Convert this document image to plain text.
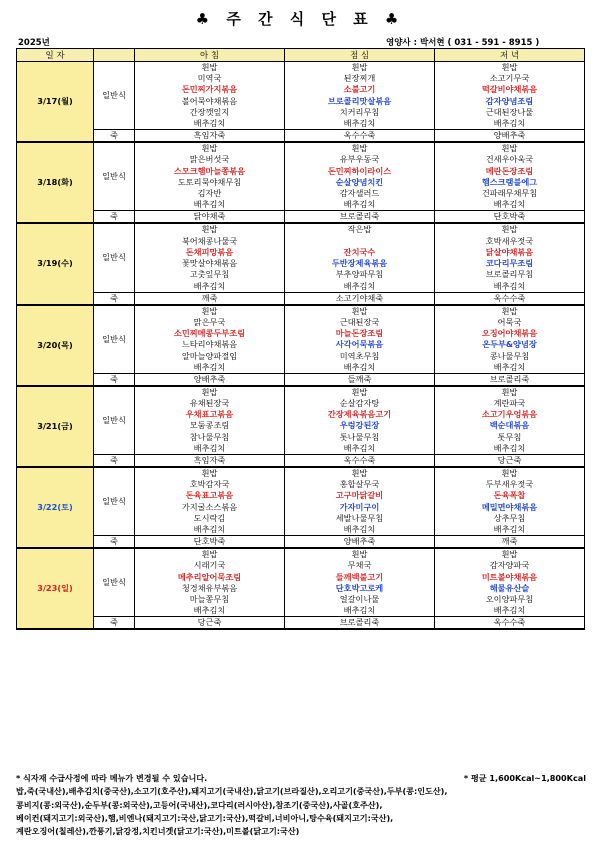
♣ 주 간 식 단 표 ♣
2025년	영양사 : 박서현 ( 031 - 591 - 8915 )
일 자		아 침	점 심	저 녁
3/17(월)	일반식	흰밥	흰밥	흰밥
		미역국	된장찌개	소고기무국
		돈민찌가지볶음	소불고기	떡갈비야채볶음
		볼어묵야채볶음	브로콜리맛살볶음	감자양념조림
		간장깻잎지	치커리무침	근대된장나물
		배추김치	배추김치	배추김치
	죽	흑임자죽	옥수수죽	양배추죽
3/18(화)	일반식	흰밥	흰밥	흰밥
		맑은버섯국	유부우동국	건새우아욱국
		스모크햄마늘쫑볶음	돈민찌하이라이스	메란돈장조림
		도토리묵야채무침	순살양념치킨	햄스크램블에그
		김자반	감자샐러드	건파래무채무침
		배추김치	배추김치	배추김치
	죽	닭야채죽	브로콜리죽	단호박죽
3/19(수)	일반식	흰밥	작은밥	흰밥
		북어채콩나물국		호박새우젓국
		돈채피망볶음	잔치국수	닭살야채볶음
		꽃맛살야채볶음	두반장제육볶음	코다리무조림
		고춧잎무침	부추양파무침	브로콜리무침
		배추김치	배추김치	배추김치
	죽	깨죽	소고기야채죽	옥수수죽
3/20(목)	일반식	흰밥	흰밥	흰밥
		맑은무국	근대된장국	어묵국
		소민찌메콩두부조림	마늘돈장조림	오징어야채볶음
		느타리야채볶음	사각어묵볶음	온두부&양념장
		알마늘양파절임	미역초무침	콩나물무침
		배추김치	배추김치	배추김치
	죽	양배추죽	들깨죽	브로콜리죽
3/21(금)	일반식	흰밥	흰밥	흰밥
		유채된장국	순살감자탕	계란파국
		우채표고볶음	간장제육볶음고기	소고기우엉볶음
		모둠콩조림	우렁강된장	백순대볶음
		참나물무침	톳나물무침	톳무침
		배추김치	배추김치	배추김치
	죽	흑임자죽	옥수수죽	당근죽
3/22(토)	일반식	흰밥	흰밥	흰밥
		호박감자국	홍합살무국	두부새우젓국
		돈육표고볶음	고구마닭갈비	돈육폭찹
		가지굴소스볶음	가자미구이	메밀면야채볶음
		도시락김	세발나물무침	상추무침
		배추김치	배추김치	배추김치
	죽	단호박죽	양배추죽	깨죽
3/23(일)	일반식	흰밥	흰밥	흰밥
		시래기국	무채국	감자양파국
		메추리알어묵조림	들깨백불고기	미트볼야채볶음
		청경채유부볶음	단호박고로케	해물유산슬
		마늘쫑무침	얼갈이나물	오이양파무침
		배추김치	배추김치	배추김치
	죽	당근죽	브로콜리죽	옥수수죽
* 식자재 수급사정에 따라 메뉴가 변경될 수 있습니다.	* 평균 1,600Kcal~1,800Kcal
밥,죽(국내산),배추김치(중국산),소고기(호주산),돼지고기(국내산),닭고기(브라질산),오리고기(중국산),두부(콩:인도산),
콩비지(콩:외국산),순두부(콩:외국산),고등어(국내산),코다리(러시아산),참조기(중국산),사골(호주산),
베이컨(돼지고기:외국산),햄,비엔나(돼지고기:국산,닭고기:국산),떡갈비,너비아니,탕수육(돼지고기:국산),
계란오징어(칠레산),깐풍기,닭강정,치킨너겟(닭고기:국산),미트볼(닭고기:국산)
